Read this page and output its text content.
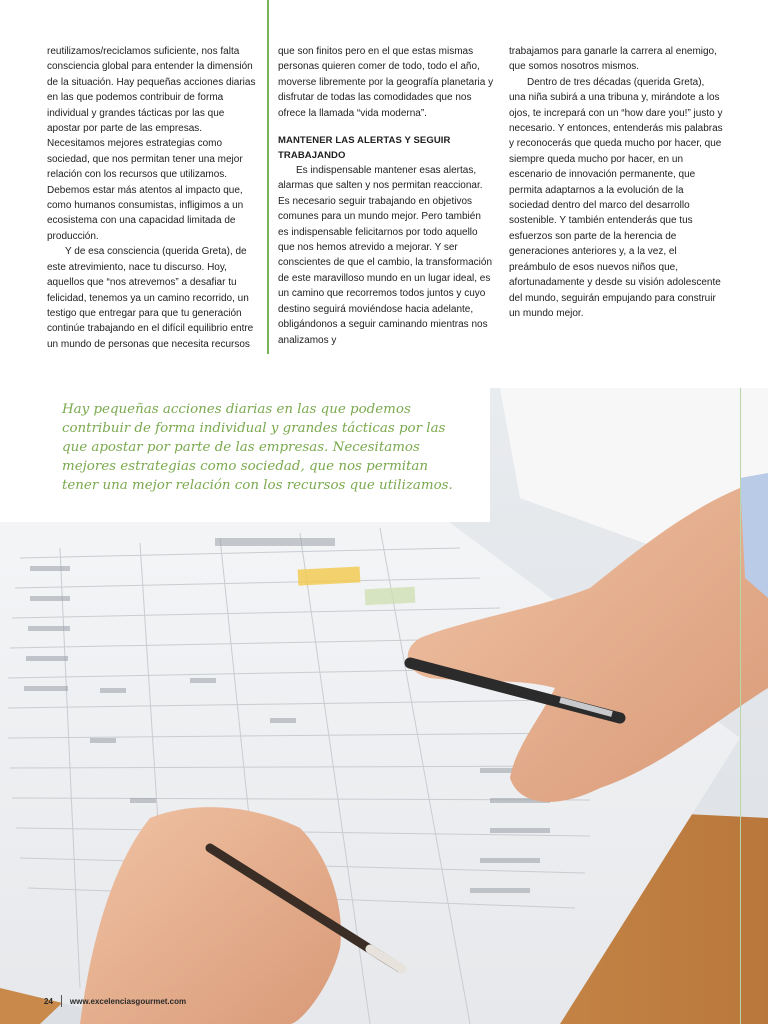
reutilizamos/reciclamos suficiente, nos falta consciencia global para entender la dimensión de la situación. Hay pequeñas acciones diarias en las que podemos contribuir de forma individual y grandes tácticas por las que apostar por parte de las empresas. Necesitamos mejores estrategias como sociedad, que nos permitan tener una mejor relación con los recursos que utilizamos. Debemos estar más atentos al impacto que, como humanos consumistas, infligimos a un ecosistema con una capacidad limitada de producción.

Y de esa consciencia (querida Greta), de este atrevimiento, nace tu discurso. Hoy, aquellos que “nos atrevemos” a desafiar tu felicidad, tenemos ya un camino recorrido, un testigo que entregar para que tu generación continúe trabajando en el difícil equilibrio entre un mundo de personas que necesita recursos

que son finitos pero en el que estas mismas personas quieren comer de todo, todo el año, moverse libremente por la geografía planetaria y disfrutar de todas las comodidades que nos ofrece la llamada “vida moderna”.

MANTENER LAS ALERTAS Y SEGUIR TRABAJANDO

Es indispensable mantener esas alertas, alarmas que salten y nos permitan reaccionar. Es necesario seguir trabajando en objetivos comunes para un mundo mejor. Pero también es indispensable felicitarnos por todo aquello que nos hemos atrevido a mejorar. Y ser conscientes de que el cambio, la transformación de este maravilloso mundo en un lugar ideal, es un camino que recorremos todos juntos y cuyo destino seguirá moviéndose hacia adelante, obligándonos a seguir caminando mientras nos analizamos y

trabajamos para ganarle la carrera al enemigo, que somos nosotros mismos.

Dentro de tres décadas (querida Greta), una niña subirá a una tribuna y, mirándote a los ojos, te increpará con un “how dare you!” justo y necesario. Y entonces, entenderás mis palabras y reconocerás que queda mucho por hacer, que siempre queda mucho por hacer, en un escenario de innovación permanente, que permita adaptarnos a la evolución de la sociedad dentro del marco del desarrollo sostenible. Y también entenderás que tus esfuerzos son parte de la herencia de generaciones anteriores y, a la vez, el preámbulo de esos nuevos niños que, afortunadamente y desde su visión adolescente del mundo, seguirán empujando para construir un mundo mejor.

Hay pequeñas acciones diarias en las que podemos contribuir de forma individual y grandes tácticas por las que apostar por parte de las empresas. Necesitamos mejores estrategias como sociedad, que nos permitan tener una mejor relación con los recursos que utilizamos.

24 www.excelenciasgourmet.com
